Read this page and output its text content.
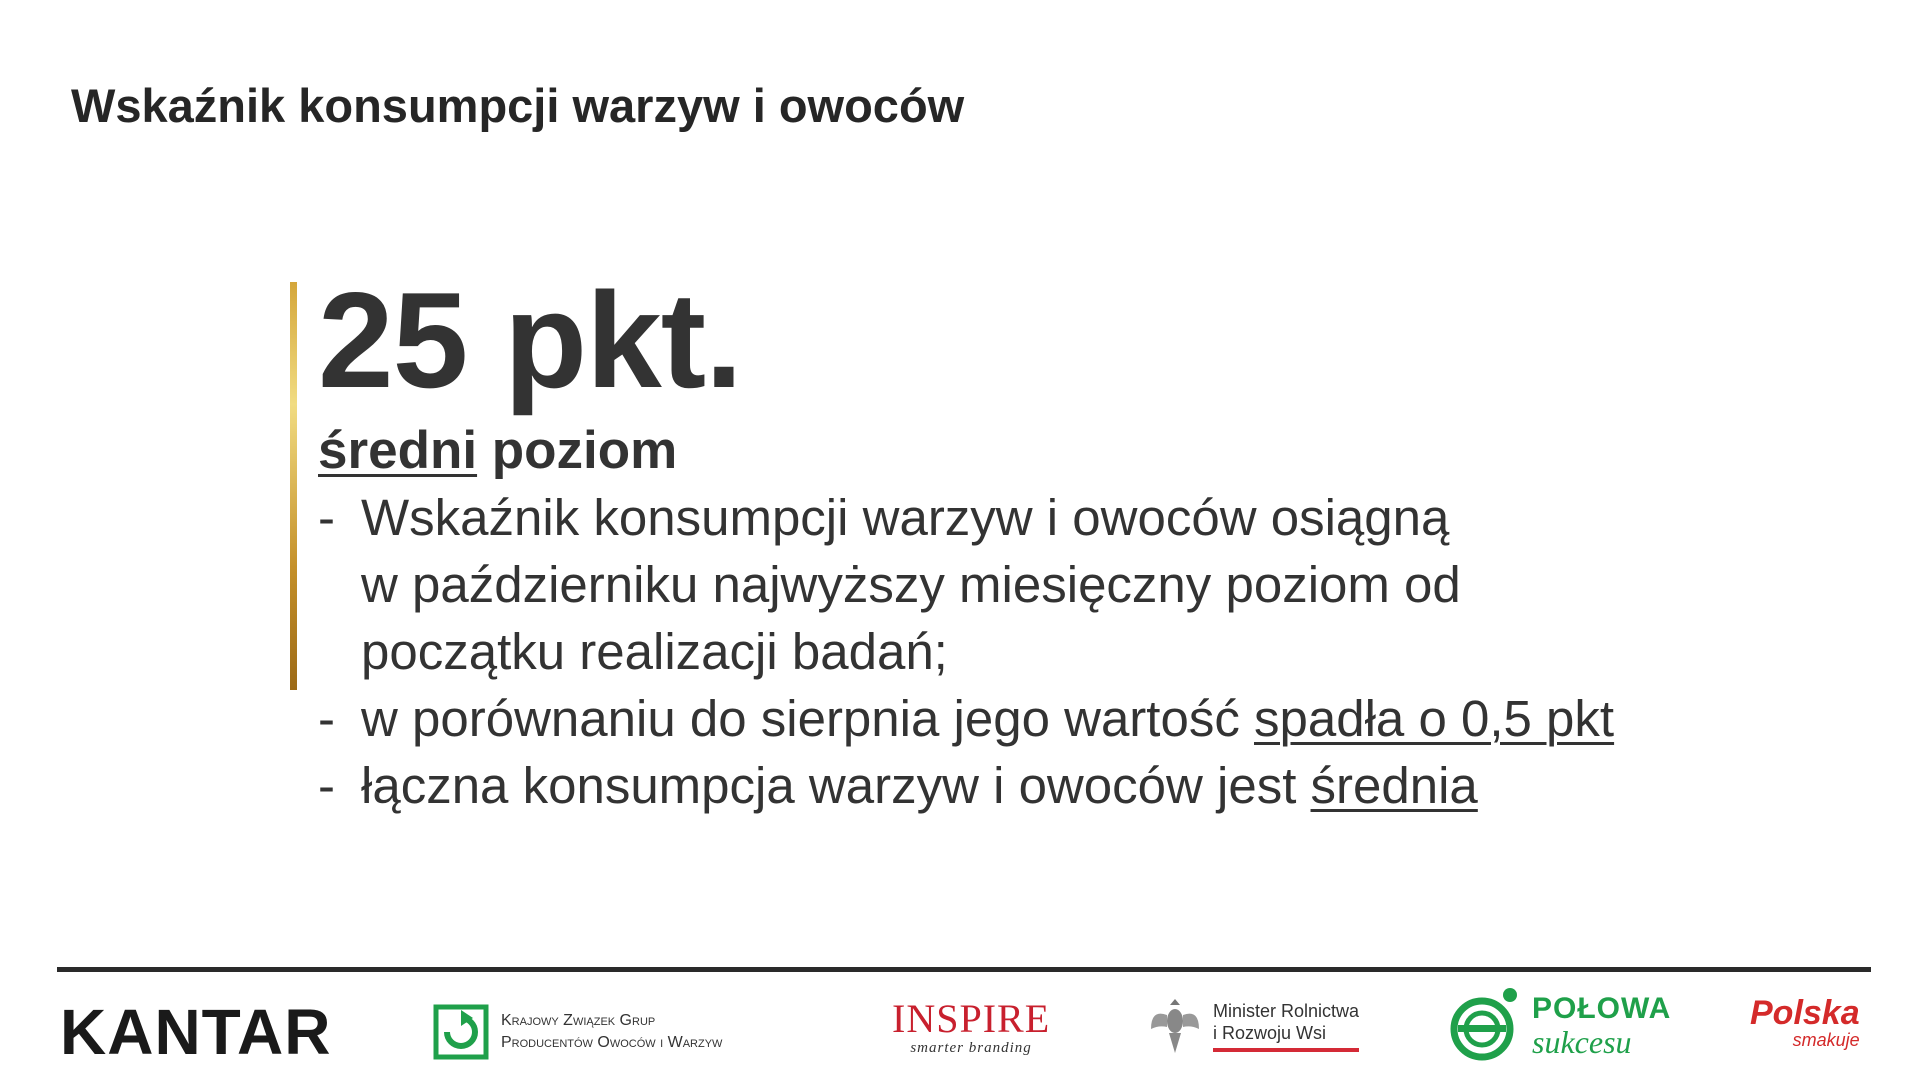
Wskaźnik konsumpcji warzyw i owoców
25 pkt.
średni poziom
- Wskaźnik konsumpcji warzyw i owoców osiągną
w październiku najwyższy miesięczny poziom od
początku realizacji badań;
- w porównaniu do sierpnia jego wartość spadła o 0,5 pkt
- łączna konsumpcja warzyw i owoców jest średnia
KANTAR	Krajowy Związek Grup
Producentów Owoców i Warzyw
INSPIRE
smarter branding
Minister Rolnictwa
i Rozwoju Wsi
POŁOWA
sukcesu
Polska
smakuje
